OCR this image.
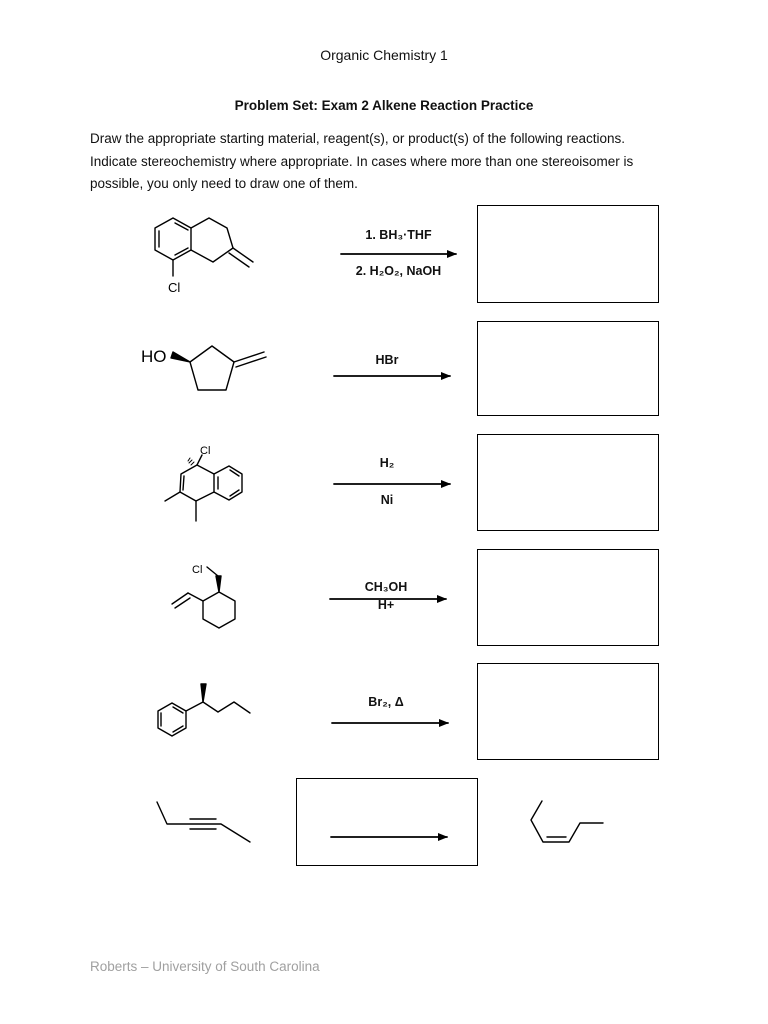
Organic Chemistry 1
Problem Set: Exam 2 Alkene Reaction Practice
Draw the appropriate starting material, reagent(s), or product(s) of the following reactions.
Indicate stereochemistry where appropriate. In cases where more than one stereoisomer is
possible, you only need to draw one of them.
Cl
HO
Cl
Cl
1. BH₃·THF
2. H₂O₂, NaOH
HBr
H₂
Ni
CH₃OH
H+
Br₂, Δ
Roberts – University of South Carolina
